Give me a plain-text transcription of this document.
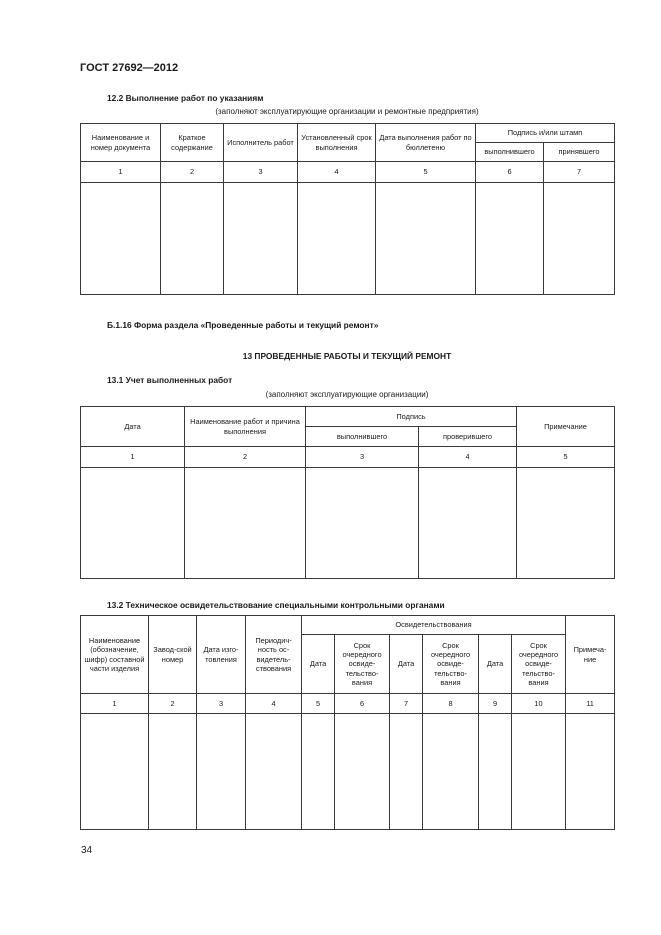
ГОСТ 27692—2012
12.2 Выполнение работ по указаниям
(заполняют эксплуатирующие организации и ремонтные предприятия)
Наименование и номер документа	Краткое содержание	Исполнитель работ	Установленный срок выполнения	Дата выполнения работ по бюллетеню	Подпись и/или штамп	
					выполнившего	принявшего
1	2	3	4	5	6	7

Б.1.16 Форма раздела «Проведенные работы и текущий ремонт»
13 ПРОВЕДЕННЫЕ РАБОТЫ И ТЕКУЩИЙ РЕМОНТ
13.1 Учет выполненных работ
(заполняют эксплуатирующие организации)
Дата	Наименование работ и причина выполнения	Подпись		Примечание
		выполнившего	проверившего	
1	2	3	4	5

13.2 Техническое освидетельствование специальными контрольными органами
Наименование (обозначение, шифр) составной части изделия	Завод-ской номер	Дата изго-товления	Периодич-ность ос-видетель-ствования	Освидетельствования						Примеча-ние
				Дата	Срок очередного освиде-тельство-вания	Дата	Срок очередного освиде-тельство-вания	Дата	Срок очередного освиде-тельство-вания	
1	2	3	4	5	6	7	8	9	10	11

34
